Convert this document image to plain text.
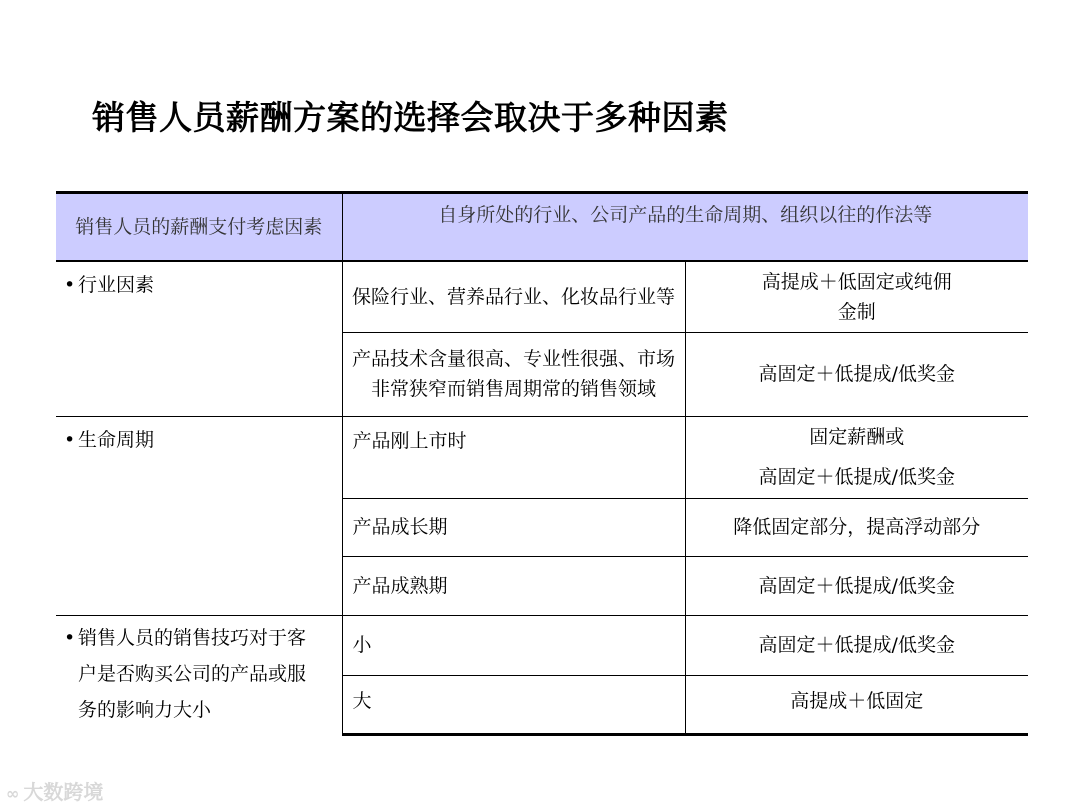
销售人员薪酬方案的选择会取决于多种因素
销售人员的薪酬支付考虑因素	自身所处的行业、公司产品的生命周期、组织以往的作法等	
• 行业因素	保险行业、营养品行业、化妆品行业等	高提成＋低固定或纯佣金制

	产品技术含量很高、专业性很强、市场非常狭窄而销售周期常的销售领域	高固定＋低提成/低奖金
• 生命周期	产品刚上市时	固定薪酬或
高固定＋低提成/低奖金

	产品成长期	降低固定部分，提高浮动部分
	产品成熟期	高固定＋低提成/低奖金

• 销售人员的销售技巧对于客户是否购买公司的产品或服务的影响力大小	小	高固定＋低提成/低奖金
	大	高提成＋低固定
∞ 大数跨境
